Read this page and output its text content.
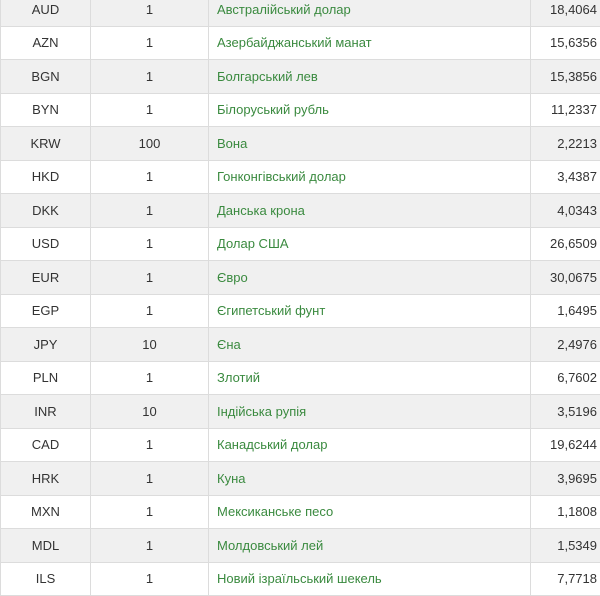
AUD	1	Австралійський долар	18,4064
AZN	1	Азербайджанський манат	15,6356
BGN	1	Болгарський лев	15,3856
BYN	1	Білоруський рубль	11,2337
KRW	100	Вона	2,2213
HKD	1	Гонконгівський долар	3,4387
DKK	1	Данська крона	4,0343
USD	1	Долар США	26,6509
EUR	1	Євро	30,0675
EGP	1	Єгипетський фунт	1,6495
JPY	10	Єна	2,4976
PLN	1	Злотий	6,7602
INR	10	Індійська рупія	3,5196
CAD	1	Канадський долар	19,6244
HRK	1	Куна	3,9695
MXN	1	Мексиканське песо	1,1808
MDL	1	Молдовський лей	1,5349
ILS	1	Новий ізраїльський шекель	7,7718
